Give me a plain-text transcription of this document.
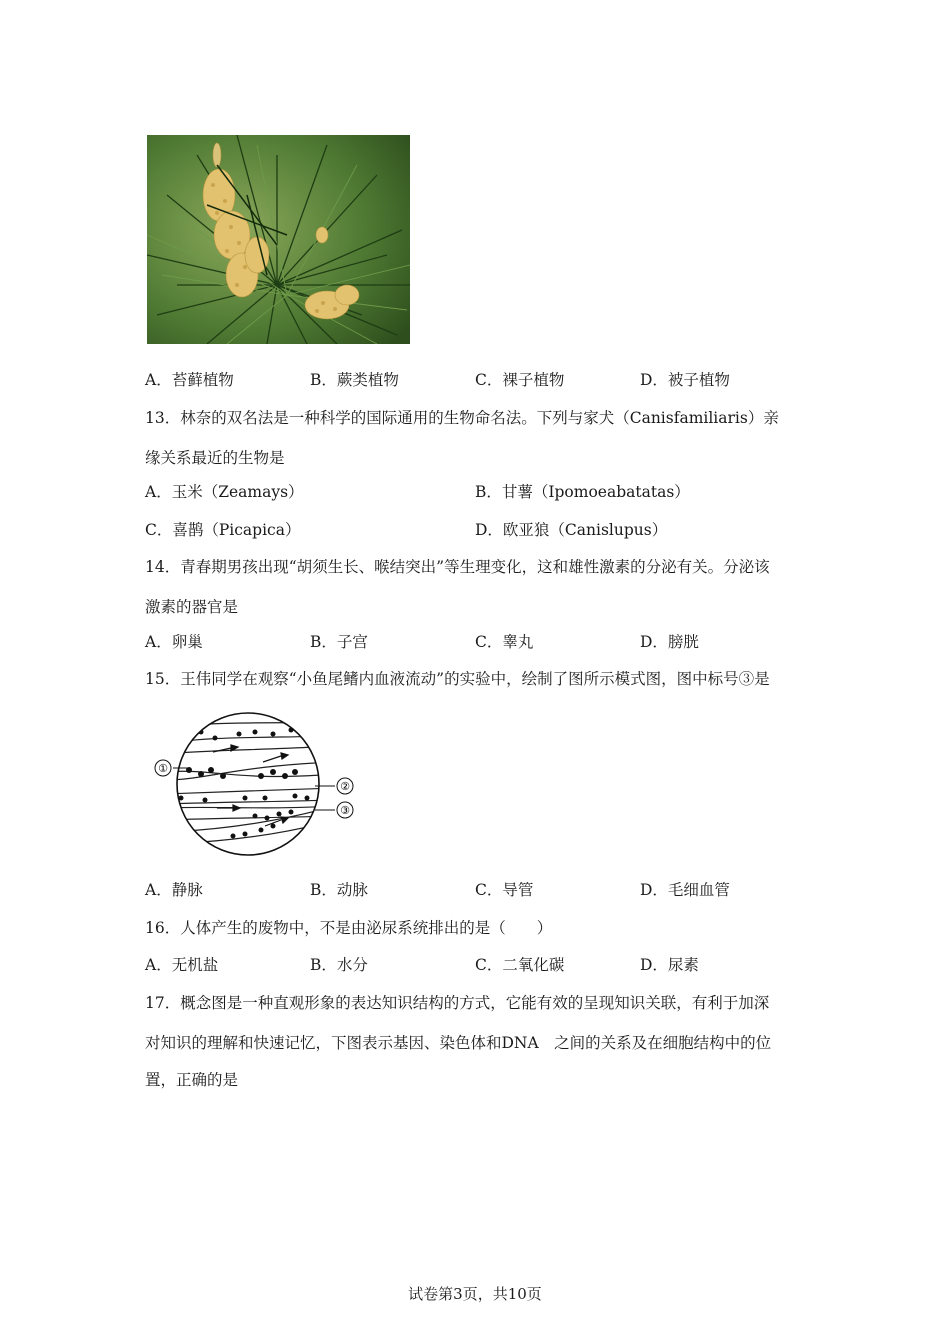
A．苔藓植物	B．蕨类植物	C．裸子植物	D．被子植物
13．林奈的双名法是一种科学的国际通用的生物命名法。下列与家犬（Canisfamiliaris）亲
缘关系最近的生物是
A．玉米（Zeamays）	B．甘薯（Ipomoeabatatas）
C．喜鹊（Picapica）	D．欧亚狼（Canislupus）
14．青春期男孩出现“胡须生长、喉结突出”等生理变化，这和雄性激素的分泌有关。分泌该
激素的器官是
A．卵巢	B．子宫	C．睾丸	D．膀胱
15．王伟同学在观察“小鱼尾鳍内血液流动”的实验中，绘制了图所示模式图，图中标号③是
①
②
③
A．静脉	B．动脉	C．导管	D．毛细血管
16．人体产生的废物中，不是由泌尿系统排出的是（　　）
A．无机盐	B．水分	C．二氧化碳	D．尿素
17．概念图是一种直观形象的表达知识结构的方式，它能有效的呈现知识关联，有利于加深
对知识的理解和快速记忆，下图表示基因、染色体和DNA　之间的关系及在细胞结构中的位
置，正确的是
试卷第3页，共10页
